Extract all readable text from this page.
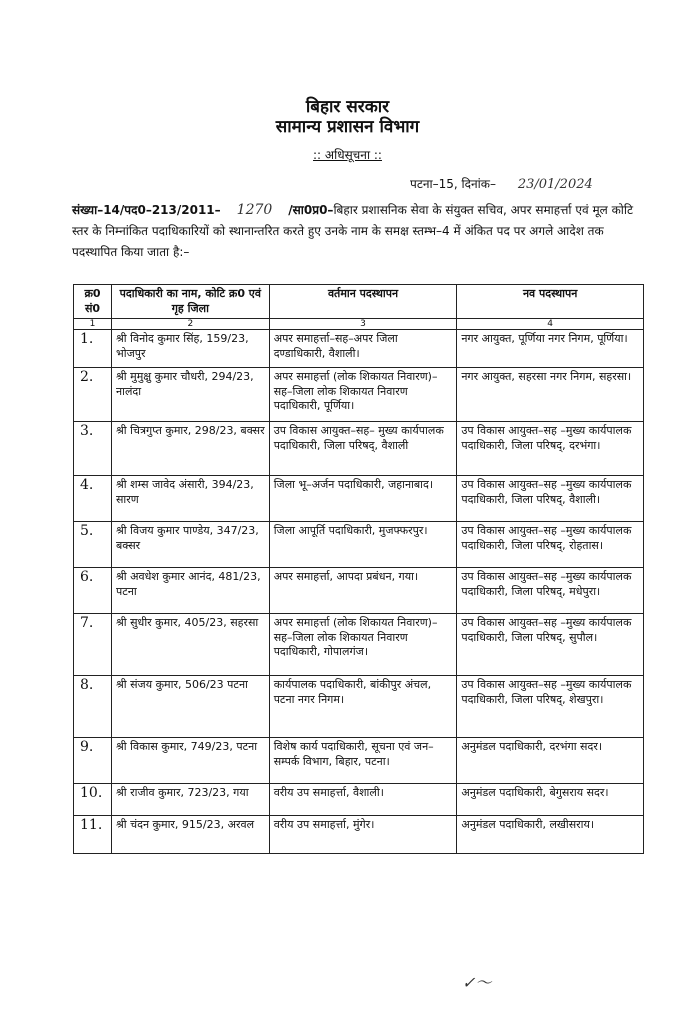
बिहार सरकार
सामान्य प्रशासन विभाग
:: अधिसूचना ::
पटना–15, दिनांक– 23/01/2024
संख्या–14/पद0–213/2011– 1270 /सा0प्र0–बिहार प्रशासनिक सेवा के संयुक्त सचिव, अपर समाहर्त्ता एवं मूल कोटि स्तर के निम्नांकित पदाधिकारियों को स्थानान्तरित करते हुए उनके नाम के समक्ष स्तम्भ–4 में अंकित पद पर अगले आदेश तक पदस्थापित किया जाता है:–
क्र0 सं0	पदाधिकारी का नाम, कोटि क्र0 एवं गृह जिला	वर्तमान पदस्थापन	नव पदस्थापन
1	2	3	4
1.	श्री विनोद कुमार सिंह, 159/23, भोजपुर	अपर समाहर्त्ता–सह–अपर जिला दण्डाधिकारी, वैशाली।	नगर आयुक्त, पूर्णिया नगर निगम, पूर्णिया।
2.	श्री मुमुक्षु कुमार चौधरी, 294/23, नालंदा	अपर समाहर्त्ता (लोक शिकायत निवारण)– सह–जिला लोक शिकायत निवारण पदाधिकारी, पूर्णिया।	नगर आयुक्त, सहरसा नगर निगम, सहरसा।
3.	श्री चित्रगुप्त कुमार, 298/23, बक्सर	उप विकास आयुक्त–सह– मुख्य कार्यपालक पदाधिकारी, जिला परिषद्, वैशाली	उप विकास आयुक्त–सह –मुख्य कार्यपालक पदाधिकारी, जिला परिषद्, दरभंगा।
4.	श्री शम्स जावेद अंसारी, 394/23, सारण	जिला भू–अर्जन पदाधिकारी, जहानाबाद।	उप विकास आयुक्त–सह –मुख्य कार्यपालक पदाधिकारी, जिला परिषद्, वैशाली।
5.	श्री विजय कुमार पाण्डेय, 347/23, बक्सर	जिला आपूर्ति पदाधिकारी, मुजफ्फरपुर।	उप विकास आयुक्त–सह –मुख्य कार्यपालक पदाधिकारी, जिला परिषद्, रोहतास।
6.	श्री अवधेश कुमार आनंद, 481/23, पटना	अपर समाहर्त्ता, आपदा प्रबंधन, गया।	उप विकास आयुक्त–सह –मुख्य कार्यपालक पदाधिकारी, जिला परिषद्, मधेपुरा।
7.	श्री सुधीर कुमार, 405/23, सहरसा	अपर समाहर्त्ता (लोक शिकायत निवारण)–सह–जिला लोक शिकायत निवारण पदाधिकारी, गोपालगंज।	उप विकास आयुक्त–सह –मुख्य कार्यपालक पदाधिकारी, जिला परिषद्, सुपौल।
8.	श्री संजय कुमार, 506/23 पटना	कार्यपालक पदाधिकारी, बांकीपुर अंचल, पटना नगर निगम।	उप विकास आयुक्त–सह –मुख्य कार्यपालक पदाधिकारी, जिला परिषद्, शेखपुरा।
9.	श्री विकास कुमार, 749/23, पटना	विशेष कार्य पदाधिकारी, सूचना एवं जन–सम्पर्क विभाग, बिहार, पटना।	अनुमंडल पदाधिकारी, दरभंगा सदर।
10.	श्री राजीव कुमार, 723/23, गया	वरीय उप समाहर्त्ता, वैशाली।	अनुमंडल पदाधिकारी, बेगुसराय सदर।
11.	श्री चंदन कुमार, 915/23, अरवल	वरीय उप समाहर्त्ता, मुंगेर।	अनुमंडल पदाधिकारी, लखीसराय।
✓〜
